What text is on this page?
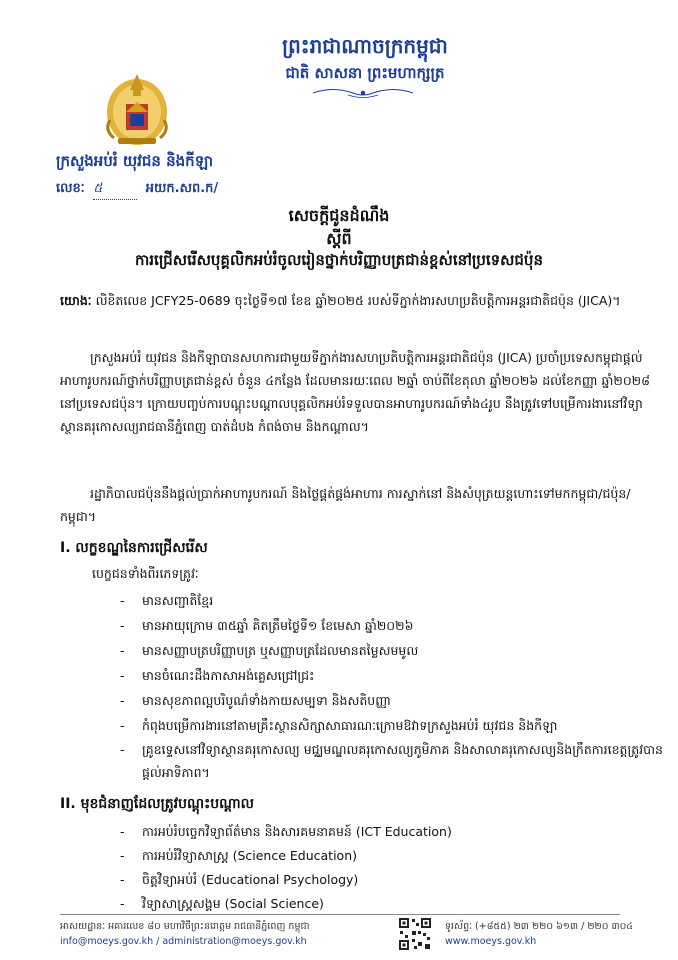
ព្រះរាជាណាចក្រកម្ពុជា
ជាតិ សាសនា ព្រះមហាក្សត្រ
ក្រសួងអប់រំ យុវជន និងកីឡា
លេខៈ ៥	អយក.សព.ក/
សេចក្តីជូនដំណឹង
ស្តីពី
ការជ្រើសរើសបុគ្គលិកអប់រំចូលរៀនថ្នាក់បរិញ្ញាបត្រជាន់ខ្ពស់នៅប្រទេសជប៉ុន
យោងៈ លិខិតលេខ JCFY25-0689 ចុះថ្ងៃទី១៧ ខែឧ ឆ្នាំ២០២៥ របស់ទីភ្នាក់ងារសហប្រតិបត្តិការអន្តរជាតិជប៉ុន (JICA)។
ក្រសួងអប់រំ យុវជន និងកីឡាបានសហការជាមួយទីភ្នាក់ងារសហប្រតិបត្តិការអន្តរជាតិជប៉ុន (JICA) ប្រចាំប្រទេសកម្ពុជាផ្តល់អាហារូបករណ៍ថ្នាក់បរិញ្ញាបត្រជាន់ខ្ពស់ ចំនួន ៤កន្លែង ដែលមានរយៈពេល ២ឆ្នាំ ចាប់ពីខែតុលា ឆ្នាំ២០២៦ ដល់ខែកញ្ញា ឆ្នាំ២០២៨ នៅប្រទេសជប៉ុន។ ក្រោយបញ្ចប់ការបណ្តុះបណ្តាលបុគ្គលិកអប់រំទទួលបានអាហារូបករណ៍ទាំង៤រូប នឹងត្រូវទៅបម្រើការងារនៅវិទ្យាស្ថានគរុកោសល្យរាជធានីភ្នំពេញ បាត់ដំបង កំពង់ចាម និងកណ្តាល។
រដ្ឋាភិបាលជប៉ុននឹងផ្តល់ប្រាក់អាហារូបករណ៍ និងថ្លៃផ្គត់ផ្គង់អាហារ ការស្នាក់នៅ និងសំបុត្រយន្តហោះទៅមកកម្ពុជា/ជប៉ុន/កម្ពុជា។
I. លក្ខខណ្ឌនៃការជ្រើសរើស
បេក្ខជនទាំងពីរភេទត្រូវៈ
- មានសញ្ជាតិខ្មែរ
- មានអាយុក្រោម ៣៥ឆ្នាំ គិតត្រឹមថ្ងៃទី១ ខែមេសា ឆ្នាំ២០២៦
- មានសញ្ញាបត្របរិញ្ញាបត្រ ឬសញ្ញាបត្រដែលមានតម្លៃសមមូល
- មានចំណេះដឹងភាសាអង់គ្លេសជ្រៅជ្រះ
- មានសុខភាពល្អបរិបូណ៌ទាំងកាយសម្បទា និងសតិបញ្ញា
- កំពុងបម្រើការងារនៅតាមគ្រឹះស្ថានសិក្សាសាធារណៈក្រោមឱវាទក្រសួងអប់រំ យុវជន និងកីឡា
- គ្រូឧទ្ទេសនៅវិទ្យាស្ថានគរុកោសល្យ មជ្ឈមណ្ឌលគរុកោសល្យភូមិភាគ និងសាលាគរុកោសល្យនិងក្រឹតការខេត្តត្រូវបានផ្តល់អាទិភាព។
II. មុខជំនាញដែលត្រូវបណ្តុះបណ្តាល
- ការអប់រំបច្ចេកវិទ្យាព័ត៌មាន និងសារគមនាគមន៍ (ICT Education)
- ការអប់រំវិទ្យាសាស្ត្រ (Science Education)
- ចិត្តវិទ្យាអប់រំ (Educational Psychology)
- វិទ្យាសាស្ត្រសង្គម (Social Science)
អាសយដ្ឋានៈ អគារលេខ ៨០ មហាវិថីព្រះនរោត្តម រាជធានីភ្នំពេញ កម្ពុជា
info@moeys.gov.kh / administration@moeys.gov.kh
ទូរស័ព្ទៈ (+៨៥៥) ២៣ ២២០ ៦១៣ / ២២០ ៣០៤
www.moeys.gov.kh
